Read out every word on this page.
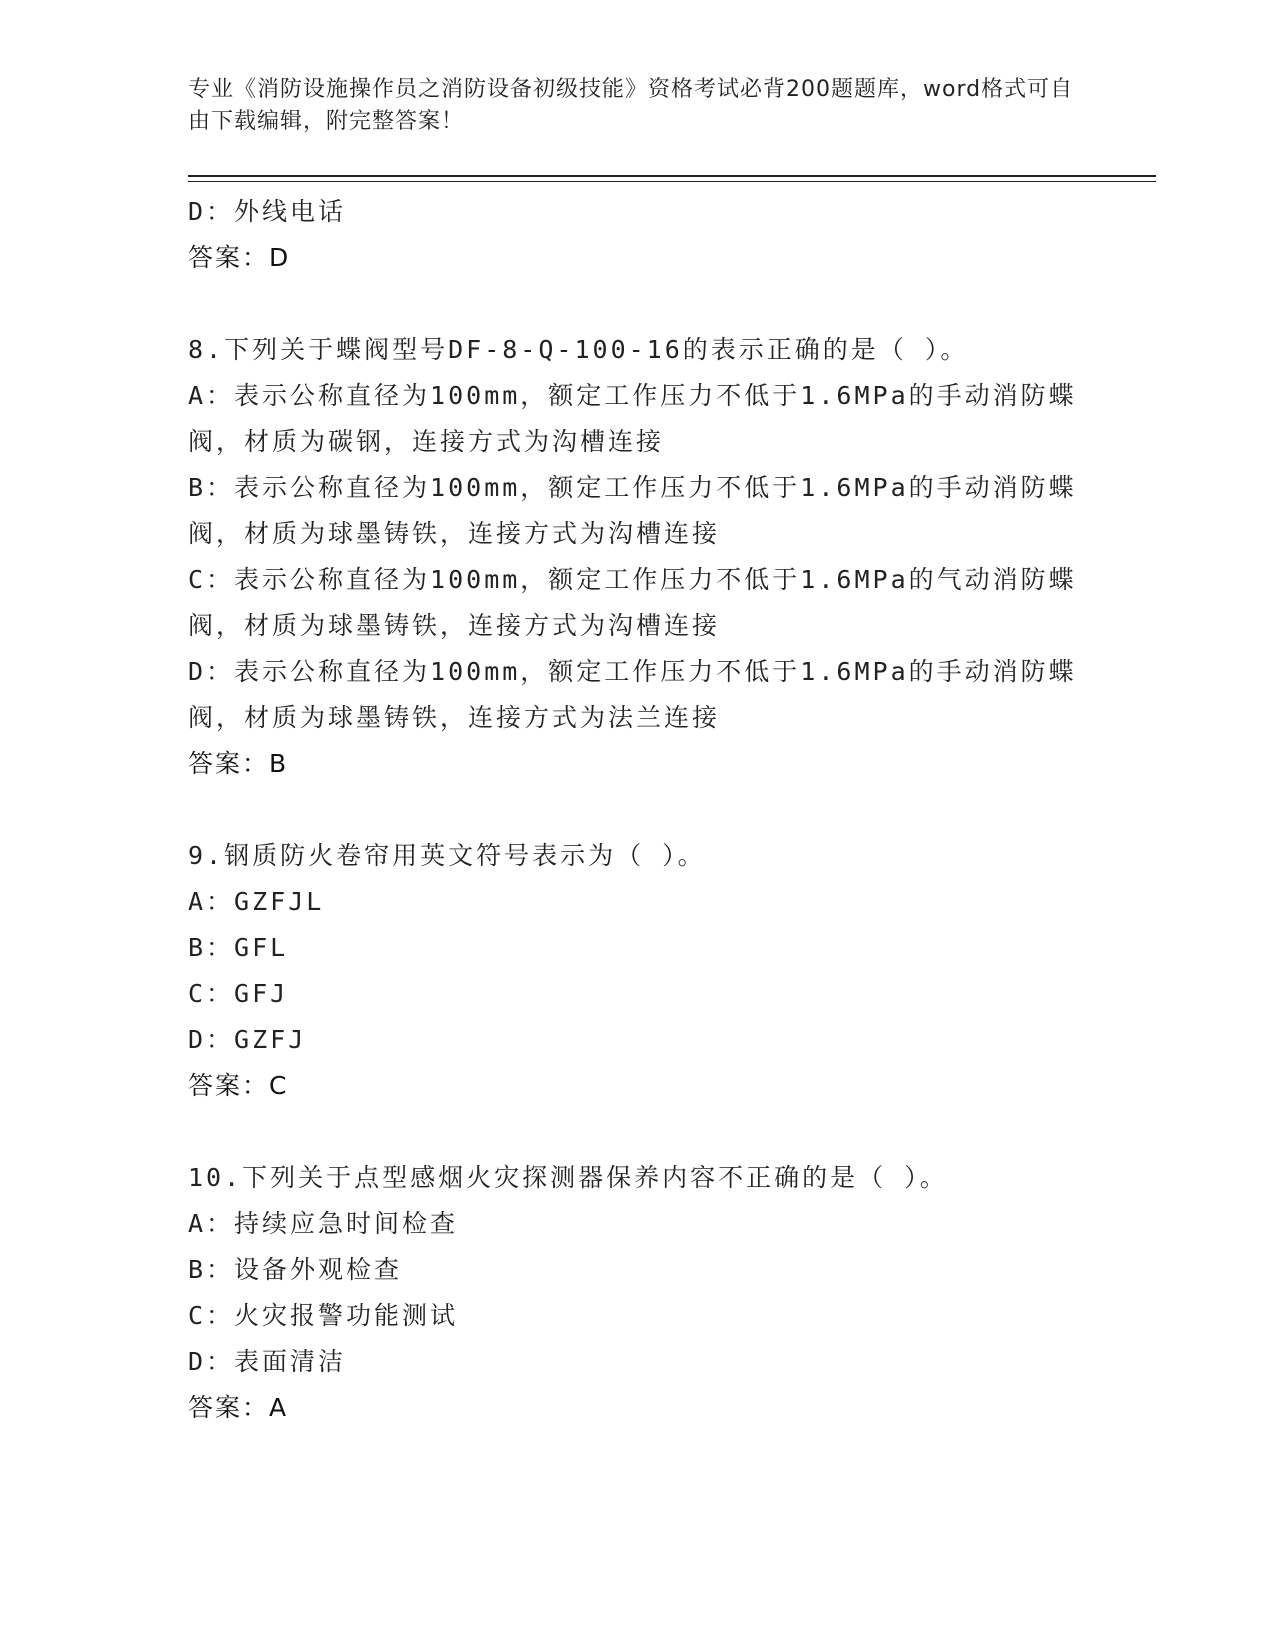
专业《消防设施操作员之消防设备初级技能》资格考试必背200题题库，word格式可自由下载编辑，附完整答案！
D：外线电话
答案：D
8.下列关于蝶阀型号DF-8-Q-100-16的表示正确的是（ ）。
A：表示公称直径为100mm，额定工作压力不低于1.6MPa的手动消防蝶
阀，材质为碳钢，连接方式为沟槽连接
B：表示公称直径为100mm，额定工作压力不低于1.6MPa的手动消防蝶
阀，材质为球墨铸铁，连接方式为沟槽连接
C：表示公称直径为100mm，额定工作压力不低于1.6MPa的气动消防蝶
阀，材质为球墨铸铁，连接方式为沟槽连接
D：表示公称直径为100mm，额定工作压力不低于1.6MPa的手动消防蝶
阀，材质为球墨铸铁，连接方式为法兰连接
答案：B
9.钢质防火卷帘用英文符号表示为（ ）。
A：GZFJL
B：GFL
C：GFJ
D：GZFJ
答案：C
10.下列关于点型感烟火灾探测器保养内容不正确的是（ ）。
A：持续应急时间检查
B：设备外观检查
C：火灾报警功能测试
D：表面清洁
答案：A
